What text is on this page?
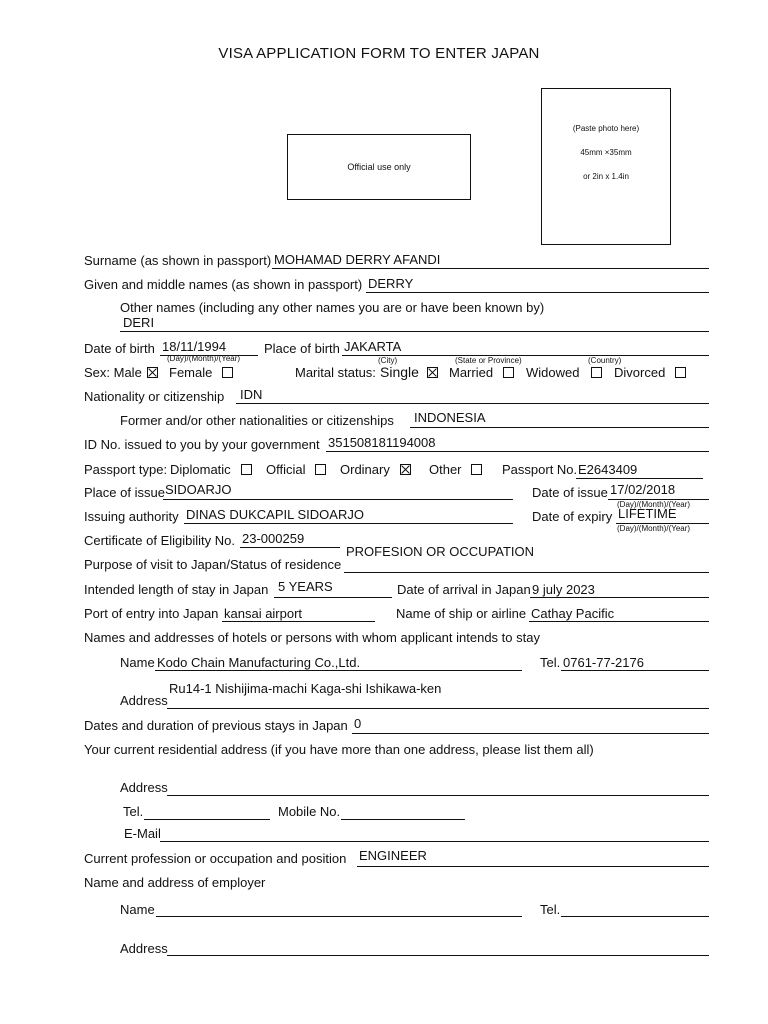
VISA APPLICATION FORM TO ENTER JAPAN
Official use only
(Paste photo here)
45mm ×35mm
or 2in x 1.4in
Surname (as shown in passport) MOHAMAD DERRY AFANDI
Given and middle names (as shown in passport) DERRY
Other names (including any other names you are or have been known by)
DERI
Date of birth 18/11/1994
(Day)/(Month)/(Year)
Place of birth JAKARTA
(City)	(State or Province)	(Country)
Sex: Male Female	Marital status: Single Married	Widowed	Divorced
Nationality or citizenship IDN
Former and/or other nationalities or citizenships INDONESIA
ID No. issued to you by your government 351508181194008
Passport type: Diplomatic	Official	Ordinary	Other	Passport No. E2643409
Place of issue SIDOARJO	Date of issue 17/02/2018
(Day)/(Month)/(Year)
Issuing authority DINAS DUKCAPIL SIDOARJO	Date of expiry LIFETIME
(Day)/(Month)/(Year)
Certificate of Eligibility No. 23-000259
PROFESION OR OCCUPATION
Purpose of visit to Japan/Status of residence
Intended length of stay in Japan 5 YEARS	Date of arrival in Japan 9 july 2023
Port of entry into Japan kansai airport	Name of ship or airline Cathay Pacific
Names and addresses of hotels or persons with whom applicant intends to stay
Name Kodo Chain Manufacturing Co.,Ltd.	Tel. 0761-77-2176
Ru14-1 Nishijima-machi Kaga-shi Ishikawa-ken
Address
Dates and duration of previous stays in Japan 0
Your current residential address (if you have more than one address, please list them all)
Address
Tel.	Mobile No.
E-Mail
Current profession or occupation and position ENGINEER
Name and address of employer
Name	Tel.
Address
